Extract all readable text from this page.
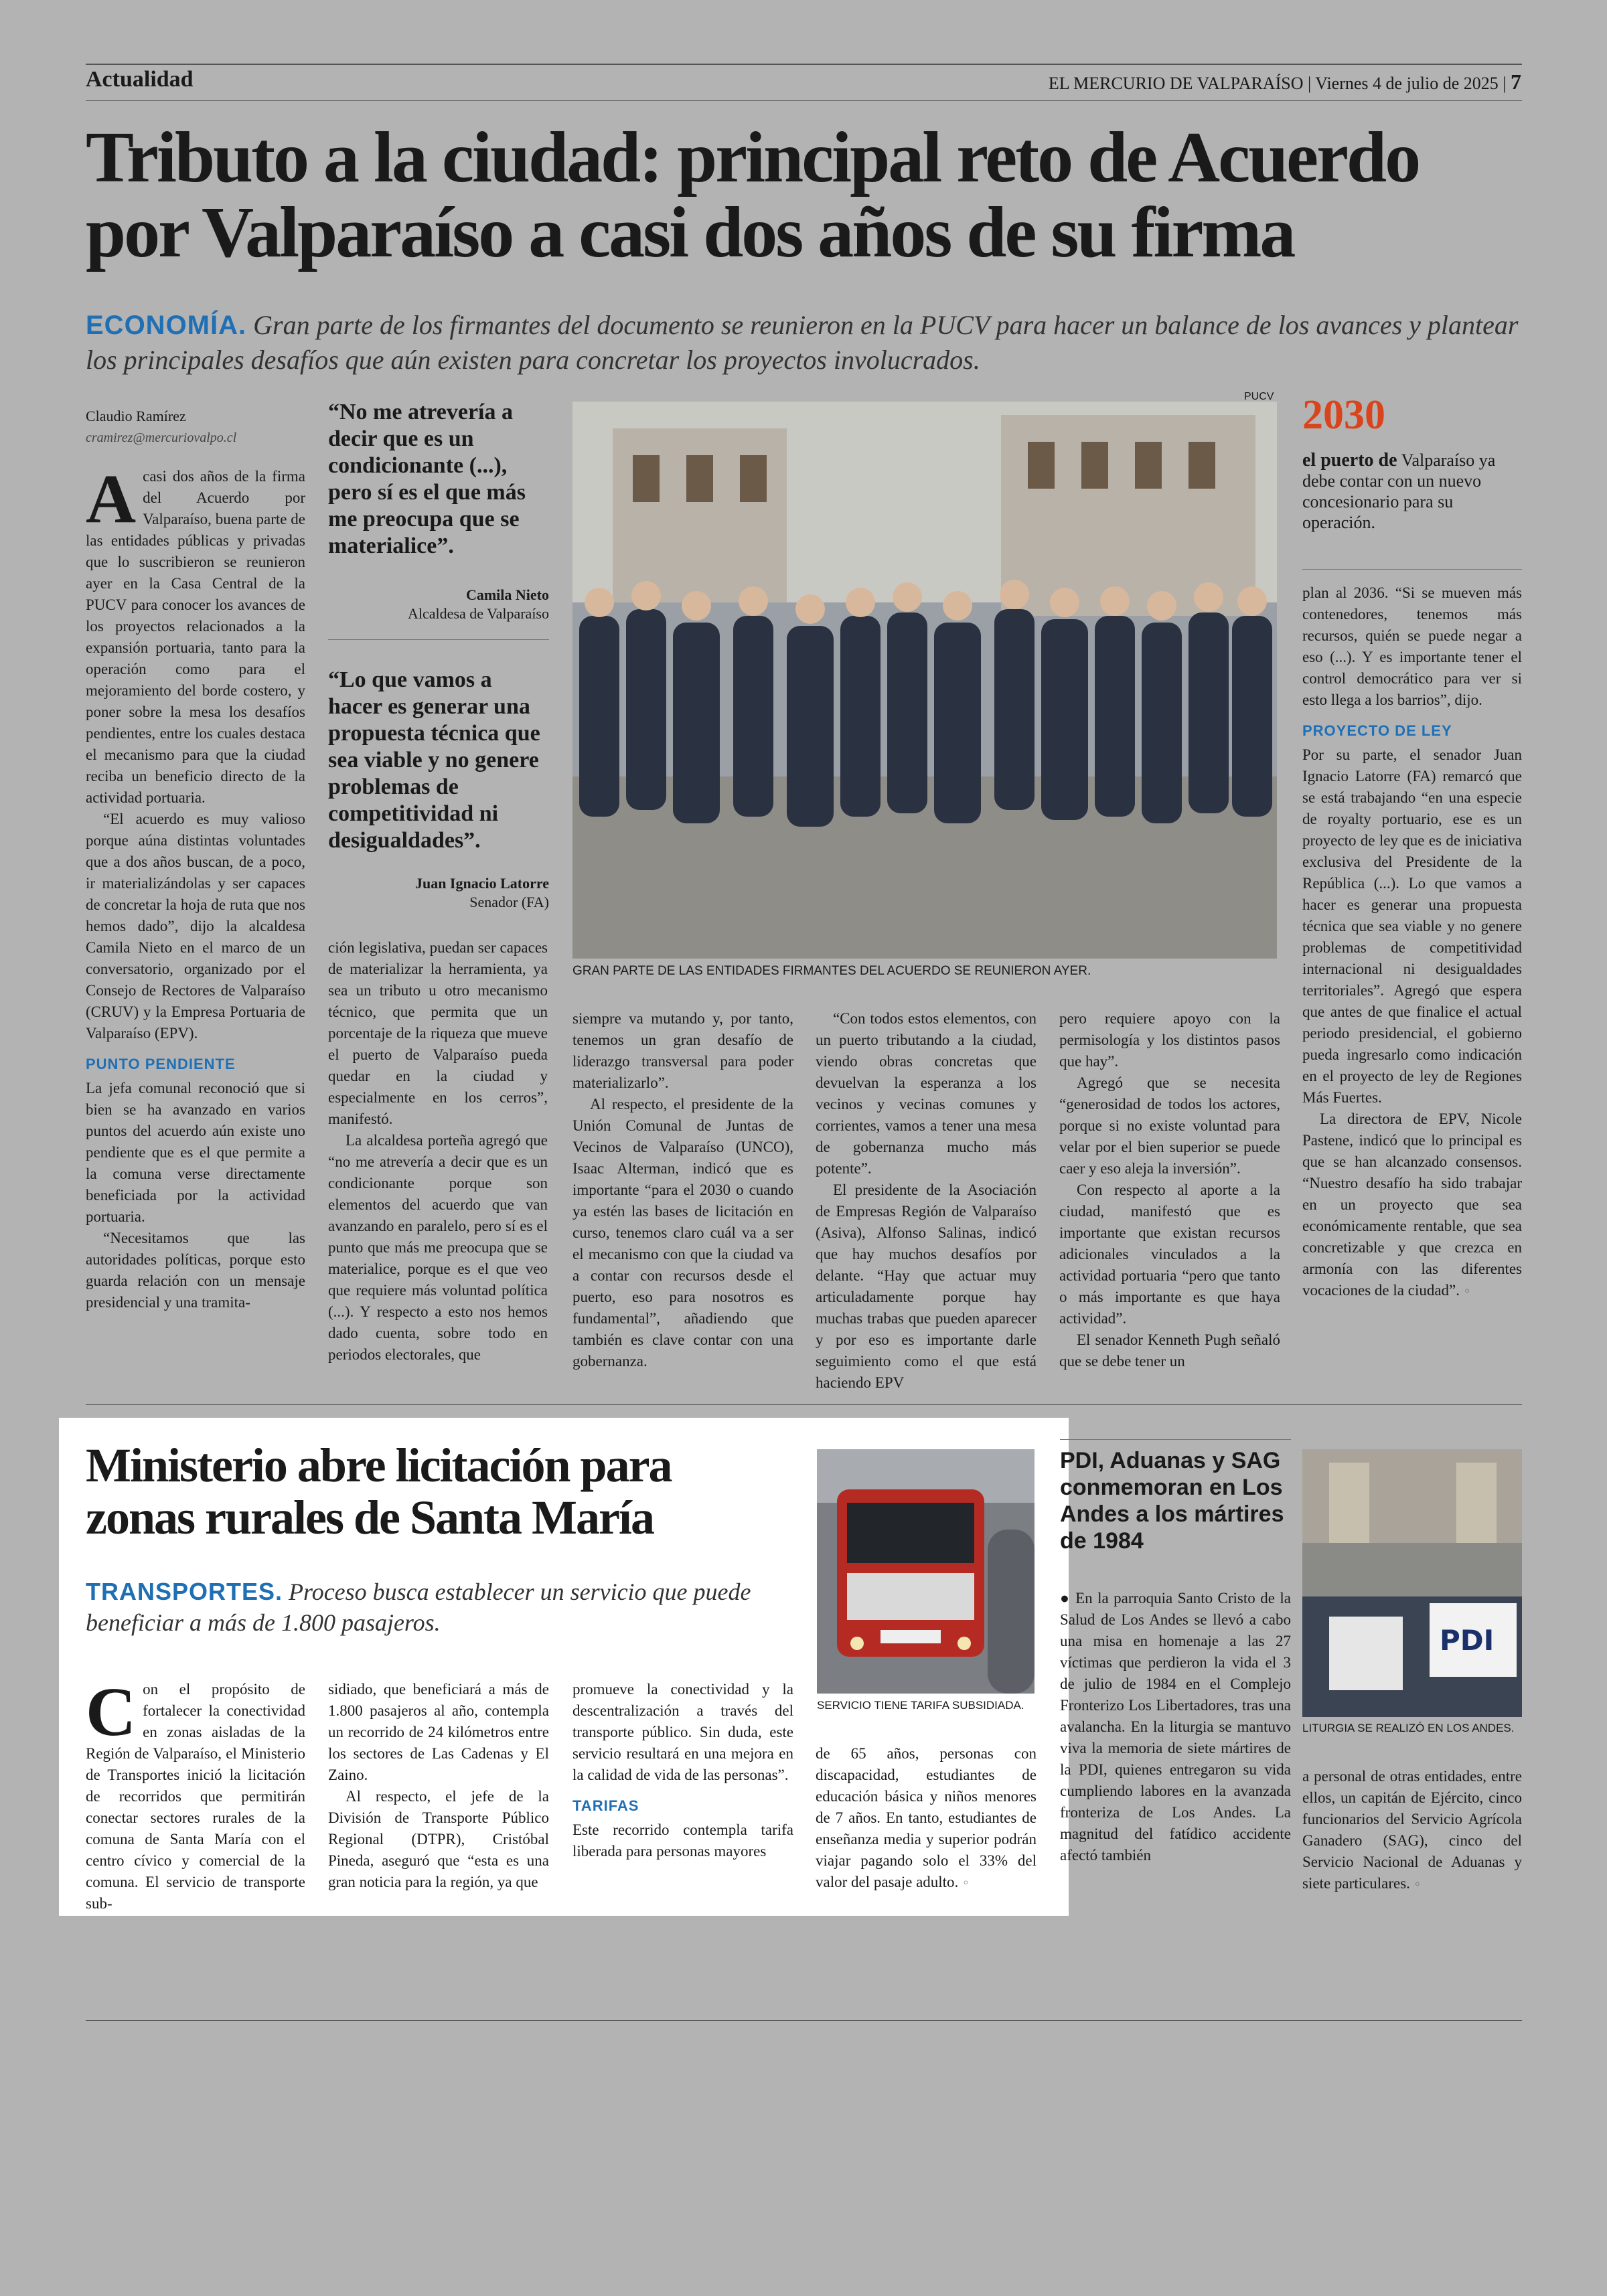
Actualidad	EL MERCURIO DE VALPARAÍSO | Viernes 4 de julio de 2025 | 7
Tributo a la ciudad: principal reto de Acuerdo por Valparaíso a casi dos años de su firma
ECONOMÍA. Gran parte de los firmantes del documento se reunieron en la PUCV para hacer un balance de los avances y plantear los principales desafíos que aún existen para concretar los proyectos involucrados.
Claudio Ramírez
cramirez@mercuriovalpo.cl

Acasi dos años de la firma del Acuerdo por Valparaíso, buena parte de las entidades públicas y privadas que lo suscribieron se reunieron ayer en la Casa Central de la PUCV para conocer los avances de los proyectos relacionados a la expansión portuaria, tanto para la operación como para el mejoramiento del borde costero, y poner sobre la mesa los desafíos pendientes, entre los cuales destaca el mecanismo para que la ciudad reciba un beneficio directo de la actividad portuaria.

“El acuerdo es muy valioso porque aúna distintas voluntades que a dos años buscan, de a poco, ir materializándolas y ser capaces de concretar la hoja de ruta que nos hemos dado”, dijo la alcaldesa Camila Nieto en el marco de un conversatorio, organizado por el Consejo de Rectores de Valparaíso (CRUV) y la Empresa Portuaria de Valparaíso (EPV).

PUNTO PENDIENTE

La jefa comunal reconoció que si bien se ha avanzado en varios puntos del acuerdo aún existe uno pendiente que es el que permite a la comuna verse directamente beneficiada por la actividad portuaria.

“Necesitamos que las autoridades políticas, porque esto guarda relación con un mensaje presidencial y una tramita-

“No me atrevería a decir que es un condicionante (...), pero sí es el que más me preocupa que se materialice”.
Camila Nieto
Alcaldesa de Valparaíso
“Lo que vamos a hacer es generar una propuesta técnica que sea viable y no genere problemas de competitividad ni desigualdades”.
Juan Ignacio Latorre
Senador (FA)

ción legislativa, puedan ser capaces de materializar la herramienta, ya sea un tributo u otro mecanismo técnico, que permita que un porcentaje de la riqueza que mueve el puerto de Valparaíso pueda quedar en la ciudad y especialmente en los cerros”, manifestó.

La alcaldesa porteña agregó que “no me atrevería a decir que es un condicionante porque son elementos del acuerdo que van avanzando en paralelo, pero sí es el punto que más me preocupa que se materialice, porque es el que veo que requiere más voluntad política (...). Y respecto a esto nos hemos dado cuenta, sobre todo en periodos electorales, que

PUCV
GRAN PARTE DE LAS ENTIDADES FIRMANTES DEL ACUERDO SE REUNIERON AYER.

siempre va mutando y, por tanto, tenemos un gran desafío de liderazgo transversal para poder materializarlo”.

Al respecto, el presidente de la Unión Comunal de Juntas de Vecinos de Valparaíso (UNCO), Isaac Alterman, indicó que es importante “para el 2030 o cuando ya estén las bases de licitación en curso, tenemos claro cuál va a ser el mecanismo con que la ciudad va a contar con recursos desde el puerto, eso para nosotros es fundamental”, añadiendo que también es clave contar con una gobernanza.

“Con todos estos elementos, con un puerto tributando a la ciudad, viendo obras concretas que devuelvan la esperanza a los vecinos y vecinas comunes y corrientes, vamos a tener una mesa de gobernanza mucho más potente”.

El presidente de la Asociación de Empresas Región de Valparaíso (Asiva), Alfonso Salinas, indicó que hay muchos desafíos por delante. “Hay que actuar muy articuladamente porque hay muchas trabas que pueden aparecer y por eso es importante darle seguimiento como el que está haciendo EPV

pero requiere apoyo con la permisología y los distintos pasos que hay”.

Agregó que se necesita “generosidad de todos los actores, porque si no existe voluntad para velar por el bien superior se puede caer y eso aleja la inversión”.

Con respecto al aporte a la ciudad, manifestó que es importante que existan recursos adicionales vinculados a la actividad portuaria “pero que tanto o más importante es que haya actividad”.

El senador Kenneth Pugh señaló que se debe tener un

2030
el puerto de Valparaíso ya debe contar con un nuevo concesionario para su operación.

plan al 2036. “Si se mueven más contenedores, tenemos más recursos, quién se puede negar a eso (...). Y es importante tener el control democrático para ver si esto llega a los barrios”, dijo.

PROYECTO DE LEY

Por su parte, el senador Juan Ignacio Latorre (FA) remarcó que se está trabajando “en una especie de royalty portuario, ese es un proyecto de ley que es de iniciativa exclusiva del Presidente de la República (...). Lo que vamos a hacer es generar una propuesta técnica que sea viable y no genere problemas de competitividad internacional ni desigualdades territoriales”. Agregó que espera que antes de que finalice el actual periodo presidencial, el gobierno pueda ingresarlo como indicación en el proyecto de ley de Regiones Más Fuertes.

La directora de EPV, Nicole Pastene, indicó que lo principal es que se han alcanzado consensos. “Nuestro desafío ha sido trabajar en un proyecto que sea económicamente rentable, que sea concretizable y que crezca en armonía con las diferentes vocaciones de la ciudad”. ◦

Ministerio abre licitación para zonas rurales de Santa María
TRANSPORTES. Proceso busca establecer un servicio que puede beneficiar a más de 1.800 pasajeros.

Con el propósito de fortalecer la conectividad en zonas aisladas de la Región de Valparaíso, el Ministerio de Transportes inició la licitación de recorridos que permitirán conectar sectores rurales de la comuna de Santa María con el centro cívico y comercial de la comuna. El servicio de transporte sub-

sidiado, que beneficiará a más de 1.800 pasajeros al año, contempla un recorrido de 24 kilómetros entre los sectores de Las Cadenas y El Zaino.

Al respecto, el jefe de la División de Transporte Público Regional (DTPR), Cristóbal Pineda, aseguró que “esta es una gran noticia para la región, ya que

promueve la conectividad y la descentralización a través del transporte público. Sin duda, este servicio resultará en una mejora en la calidad de vida de las personas”.

TARIFAS

Este recorrido contempla tarifa liberada para personas mayores

SERVICIO TIENE TARIFA SUBSIDIADA.

de 65 años, personas con discapacidad, estudiantes de educación básica y niños menores de 7 años. En tanto, estudiantes de enseñanza media y superior podrán viajar pagando solo el 33% del valor del pasaje adulto. ◦

PDI, Aduanas y SAG conmemoran en Los Andes a los mártires de 1984

● En la parroquia Santo Cristo de la Salud de Los Andes se llevó a cabo una misa en homenaje a las 27 víctimas que perdieron la vida el 3 de julio de 1984 en el Complejo Fronterizo Los Libertadores, tras una avalancha. En la liturgia se mantuvo viva la memoria de siete mártires de la PDI, quienes entregaron su vida cumpliendo labores en la avanzada fronteriza de Los Andes. La magnitud del fatídico accidente afectó también

PDI
LITURGIA SE REALIZÓ EN LOS ANDES.

a personal de otras entidades, entre ellos, un capitán de Ejército, cinco funcionarios del Servicio Agrícola Ganadero (SAG), cinco del Servicio Nacional de Aduanas y siete particulares. ◦
